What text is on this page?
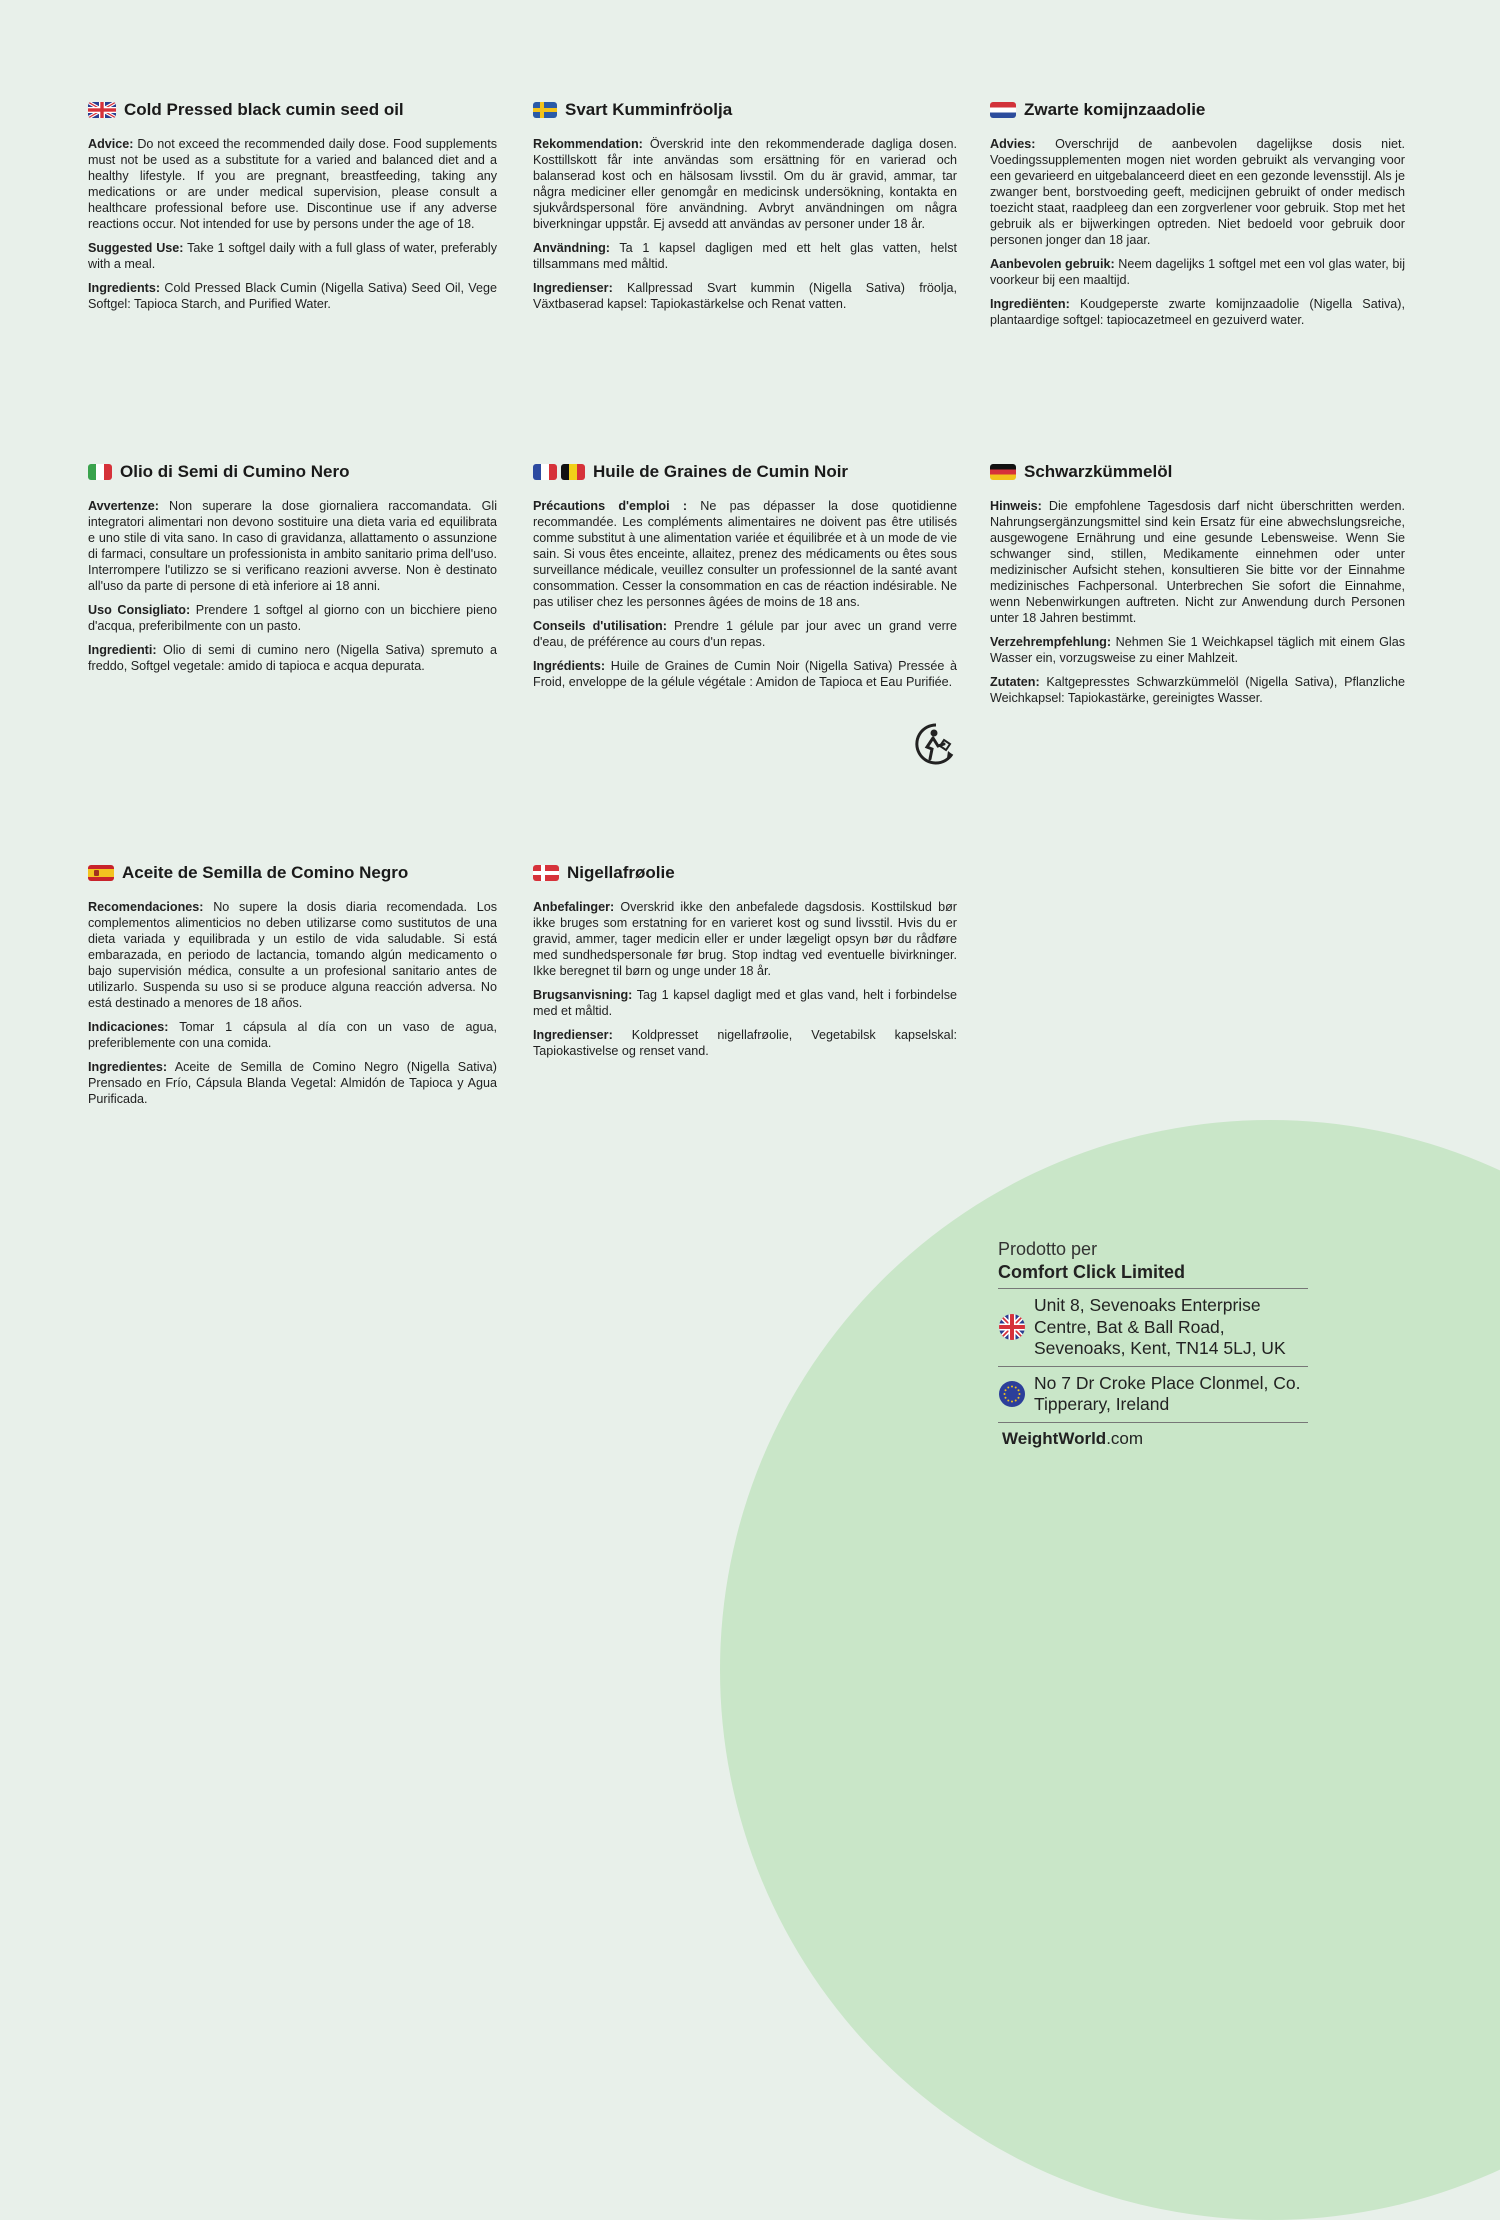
Cold Pressed black cumin seed oil

Advice: Do not exceed the recommended daily dose. Food supplements must not be used as a substitute for a varied and balanced diet and a healthy lifestyle. If you are pregnant, breastfeeding, taking any medications or are under medical supervision, please consult a healthcare professional before use. Discontinue use if any adverse reactions occur. Not intended for use by persons under the age of 18.

Suggested Use: Take 1 softgel daily with a full glass of water, preferably with a meal.

Ingredients: Cold Pressed Black Cumin (Nigella Sativa) Seed Oil, Vege Softgel: Tapioca Starch, and Purified Water.

Svart Kumminfröolja

Rekommendation: Överskrid inte den rekommenderade dagliga dosen. Kosttillskott får inte användas som ersättning för en varierad och balanserad kost och en hälsosam livsstil. Om du är gravid, ammar, tar några mediciner eller genomgår en medicinsk undersökning, kontakta en sjukvårdspersonal före användning. Avbryt användningen om några biverkningar uppstår. Ej avsedd att användas av personer under 18 år.

Användning: Ta 1 kapsel dagligen med ett helt glas vatten, helst tillsammans med måltid.

Ingredienser: Kallpressad Svart kummin (Nigella Sativa) fröolja, Växtbaserad kapsel: Tapiokastärkelse och Renat vatten.

Zwarte komijnzaadolie

Advies: Overschrijd de aanbevolen dagelijkse dosis niet. Voedingssupplementen mogen niet worden gebruikt als vervanging voor een gevarieerd en uitgebalanceerd dieet en een gezonde levensstijl. Als je zwanger bent, borstvoeding geeft, medicijnen gebruikt of onder medisch toezicht staat, raadpleeg dan een zorgverlener voor gebruik. Stop met het gebruik als er bijwerkingen optreden. Niet bedoeld voor gebruik door personen jonger dan 18 jaar.

Aanbevolen gebruik: Neem dagelijks 1 softgel met een vol glas water, bij voorkeur bij een maaltijd.

Ingrediënten: Koudgeperste zwarte komijnzaadolie (Nigella Sativa), plantaardige softgel: tapiocazetmeel en gezuiverd water.

Olio di Semi di Cumino Nero

Avvertenze: Non superare la dose giornaliera raccomandata. Gli integratori alimentari non devono sostituire una dieta varia ed equilibrata e uno stile di vita sano. In caso di gravidanza, allattamento o assunzione di farmaci, consultare un professionista in ambito sanitario prima dell'uso. Interrompere l'utilizzo se si verificano reazioni avverse. Non è destinato all'uso da parte di persone di età inferiore ai 18 anni.

Uso Consigliato: Prendere 1 softgel al giorno con un bicchiere pieno d'acqua, preferibilmente con un pasto.

Ingredienti: Olio di semi di cumino nero (Nigella Sativa) spremuto a freddo, Softgel vegetale: amido di tapioca e acqua depurata.

Huile de Graines de Cumin Noir

Précautions d'emploi : Ne pas dépasser la dose quotidienne recommandée. Les compléments alimentaires ne doivent pas être utilisés comme substitut à une alimentation variée et équilibrée et à un mode de vie sain. Si vous êtes enceinte, allaitez, prenez des médicaments ou êtes sous surveillance médicale, veuillez consulter un professionnel de la santé avant consommation. Cesser la consommation en cas de réaction indésirable. Ne pas utiliser chez les personnes âgées de moins de 18 ans.

Conseils d'utilisation: Prendre 1 gélule par jour avec un grand verre d'eau, de préférence au cours d'un repas.

Ingrédients: Huile de Graines de Cumin Noir (Nigella Sativa) Pressée à Froid, enveloppe de la gélule végétale : Amidon de Tapioca et Eau Purifiée.

Schwarzkümmelöl

Hinweis: Die empfohlene Tagesdosis darf nicht überschritten werden. Nahrungsergänzungsmittel sind kein Ersatz für eine abwechslungsreiche, ausgewogene Ernährung und eine gesunde Lebensweise. Wenn Sie schwanger sind, stillen, Medikamente einnehmen oder unter medizinischer Aufsicht stehen, konsultieren Sie bitte vor der Einnahme medizinisches Fachpersonal. Unterbrechen Sie sofort die Einnahme, wenn Nebenwirkungen auftreten. Nicht zur Anwendung durch Personen unter 18 Jahren bestimmt.

Verzehrempfehlung: Nehmen Sie 1 Weichkapsel täglich mit einem Glas Wasser ein, vorzugsweise zu einer Mahlzeit.

Zutaten: Kaltgepresstes Schwarzkümmelöl (Nigella Sativa), Pflanzliche Weichkapsel: Tapiokastärke, gereinigtes Wasser.

Aceite de Semilla de Comino Negro

Recomendaciones: No supere la dosis diaria recomendada. Los complementos alimenticios no deben utilizarse como sustitutos de una dieta variada y equilibrada y un estilo de vida saludable. Si está embarazada, en periodo de lactancia, tomando algún medicamento o bajo supervisión médica, consulte a un profesional sanitario antes de utilizarlo. Suspenda su uso si se produce alguna reacción adversa. No está destinado a menores de 18 años.

Indicaciones: Tomar 1 cápsula al día con un vaso de agua, preferiblemente con una comida.

Ingredientes: Aceite de Semilla de Comino Negro (Nigella Sativa) Prensado en Frío, Cápsula Blanda Vegetal: Almidón de Tapioca y Agua Purificada.

Nigellafrøolie

Anbefalinger: Overskrid ikke den anbefalede dagsdosis. Kosttilskud bør ikke bruges som erstatning for en varieret kost og sund livsstil. Hvis du er gravid, ammer, tager medicin eller er under lægeligt opsyn bør du rådføre med sundhedspersonale før brug. Stop indtag ved eventuelle bivirkninger. Ikke beregnet til børn og unge under 18 år.

Brugsanvisning: Tag 1 kapsel dagligt med et glas vand, helt i forbindelse med et måltid.

Ingredienser: Koldpresset nigellafrøolie, Vegetabilsk kapselskal: Tapiokastivelse og renset vand.

Prodotto per
Comfort Click Limited
Unit 8, Sevenoaks Enterprise Centre, Bat & Ball Road, Sevenoaks, Kent, TN14 5LJ, UK
No 7 Dr Croke Place Clonmel, Co. Tipperary, Ireland
WeightWorld.com
